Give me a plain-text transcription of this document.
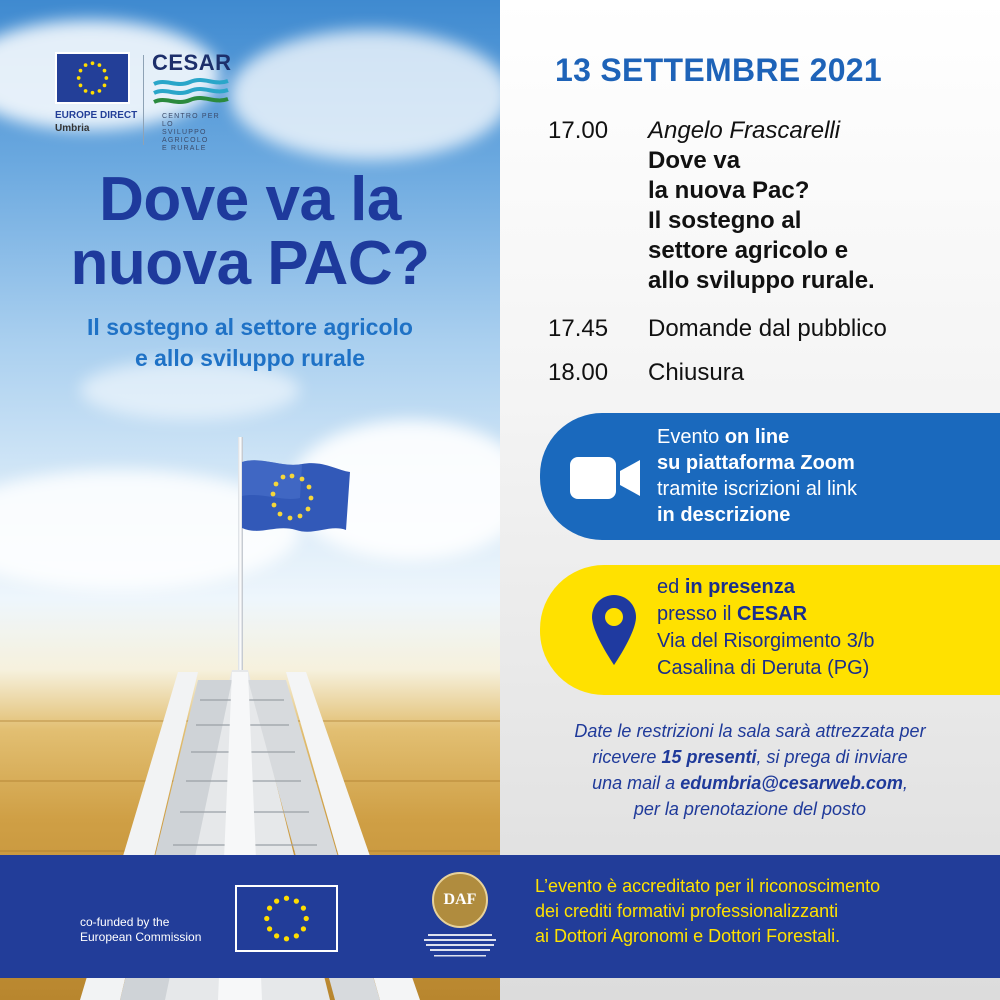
EUROPE DIRECT
Umbria
CESAR
CENTRO PER LO
SVILUPPO
AGRICOLO
E RURALE
Dove va la
nuova PAC?
Il sostegno al settore agricolo
e allo sviluppo rurale
13 SETTEMBRE 2021
17.00	Angelo Frascarelli
Dove va
la nuova Pac?
Il sostegno al
settore agricolo e
allo sviluppo rurale.
17.45	Domande dal pubblico
18.00	Chiusura
Evento on line
su piattaforma Zoom
tramite iscrizioni al link
in descrizione
ed in presenza
presso il CESAR
Via del Risorgimento 3/b
Casalina di Deruta (PG)
Date le restrizioni la sala sarà attrezzata per
ricevere 15 presenti, si prega di inviare
una mail a edumbria@cesarweb.com,
per la prenotazione del posto
co-funded by the
European Commission
DAF
L’evento è accreditato per il riconoscimento
dei crediti formativi professionalizzanti
ai Dottori Agronomi e Dottori Forestali.
